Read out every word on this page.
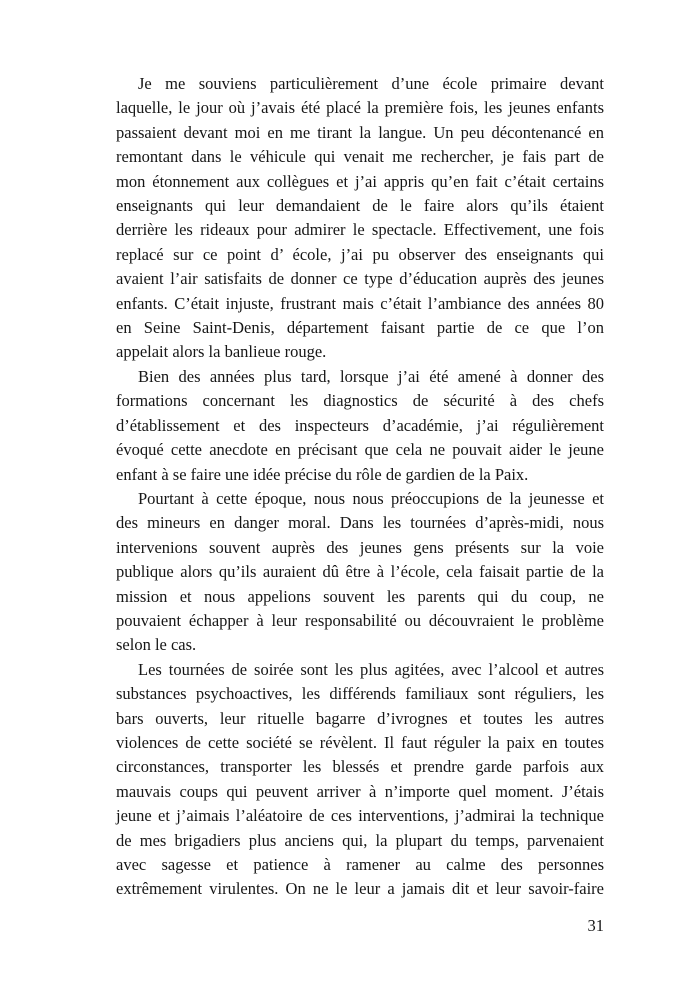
Je me souviens particulièrement d’une école primaire devant
laquelle, le jour où j’avais été placé la première fois, les jeunes enfants
passaient devant moi en me tirant la langue. Un peu décontenancé en
remontant dans le véhicule qui venait me rechercher, je fais part de
mon étonnement aux collègues et j’ai appris qu’en fait c’était certains
enseignants qui leur demandaient de le faire alors qu’ils étaient
derrière les rideaux pour admirer le spectacle. Effectivement, une fois
replacé sur ce point d’ école, j’ai pu observer des enseignants qui
avaient l’air satisfaits de donner ce type d’éducation auprès des jeunes
enfants. C’était injuste, frustrant mais c’était l’ambiance des années 80
en Seine Saint-Denis, département faisant partie de ce que l’on
appelait alors la banlieue rouge.
Bien des années plus tard, lorsque j’ai été amené à donner des
formations concernant les diagnostics de sécurité à des chefs
d’établissement et des inspecteurs d’académie, j’ai régulièrement
évoqué cette anecdote en précisant que cela ne pouvait aider le jeune
enfant à se faire une idée précise du rôle de gardien de la Paix.
Pourtant à cette époque, nous nous préoccupions de la jeunesse et
des mineurs en danger moral. Dans les tournées d’après-midi, nous
intervenions souvent auprès des jeunes gens présents sur la voie
publique alors qu’ils auraient dû être à l’école, cela faisait partie de la
mission et nous appelions souvent les parents qui du coup, ne
pouvaient échapper à leur responsabilité ou découvraient le problème
selon le cas.
Les tournées de soirée sont les plus agitées, avec l’alcool et autres
substances psychoactives, les différends familiaux sont réguliers, les
bars ouverts, leur rituelle bagarre d’ivrognes et toutes les autres
violences de cette société se révèlent. Il faut réguler la paix en toutes
circonstances, transporter les blessés et prendre garde parfois aux
mauvais coups qui peuvent arriver à n’importe quel moment. J’étais
jeune et j’aimais l’aléatoire de ces interventions, j’admirai la technique
de mes brigadiers plus anciens qui, la plupart du temps, parvenaient
avec sagesse et patience à ramener au calme des personnes
extrêmement virulentes. On ne le leur a jamais dit et leur savoir-faire
31
